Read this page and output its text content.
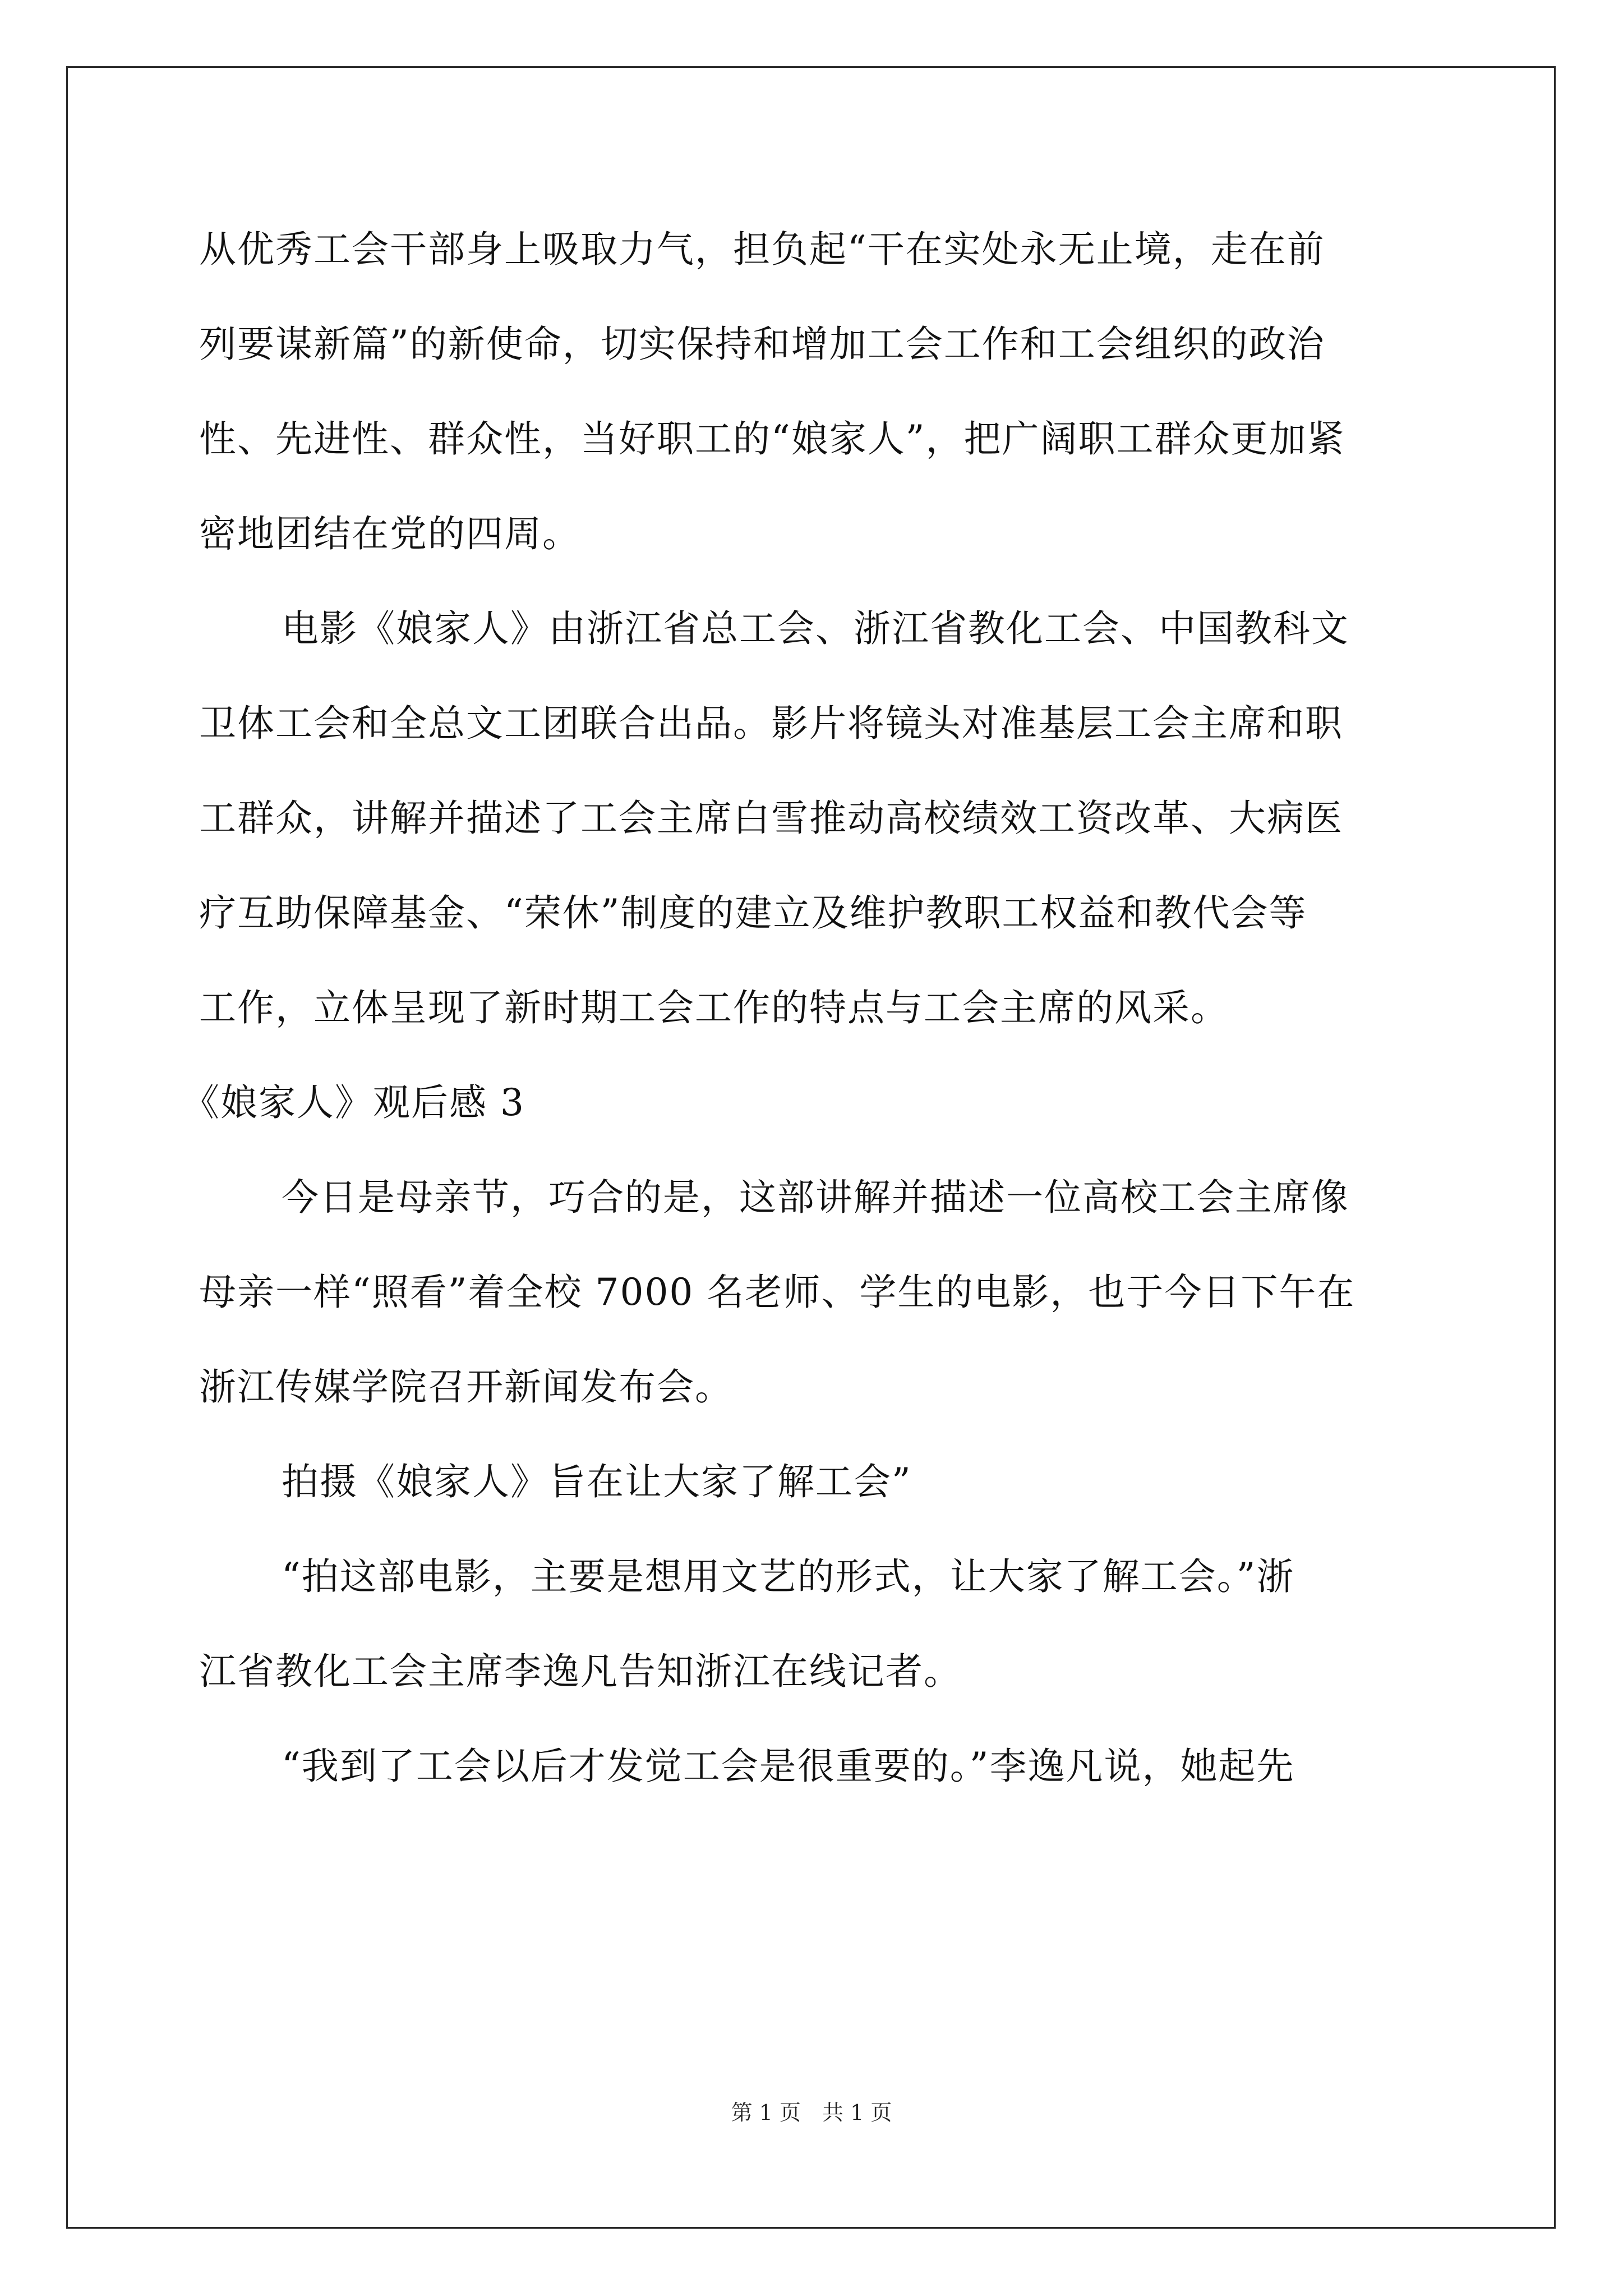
从优秀工会干部身上吸取力气，担负起“干在实处永无止境，走在前
列要谋新篇”的新使命，切实保持和增加工会工作和工会组织的政治
性、先进性、群众性，当好职工的“娘家人”，把广阔职工群众更加紧
密地团结在党的四周。
电影《娘家人》由浙江省总工会、浙江省教化工会、中国教科文
卫体工会和全总文工团联合出品。影片将镜头对准基层工会主席和职
工群众，讲解并描述了工会主席白雪推动高校绩效工资改革、大病医
疗互助保障基金、“荣休”制度的建立及维护教职工权益和教代会等
工作，立体呈现了新时期工会工作的特点与工会主席的风采。
《娘家人》观后感 3
今日是母亲节，巧合的是，这部讲解并描述一位高校工会主席像
母亲一样“照看”着全校 7000 名老师、学生的电影，也于今日下午在
浙江传媒学院召开新闻发布会。
拍摄《娘家人》旨在让大家了解工会”
“拍这部电影，主要是想用文艺的形式，让大家了解工会。”浙
江省教化工会主席李逸凡告知浙江在线记者。
“我到了工会以后才发觉工会是很重要的。”李逸凡说，她起先
第 1 页　共 1 页
